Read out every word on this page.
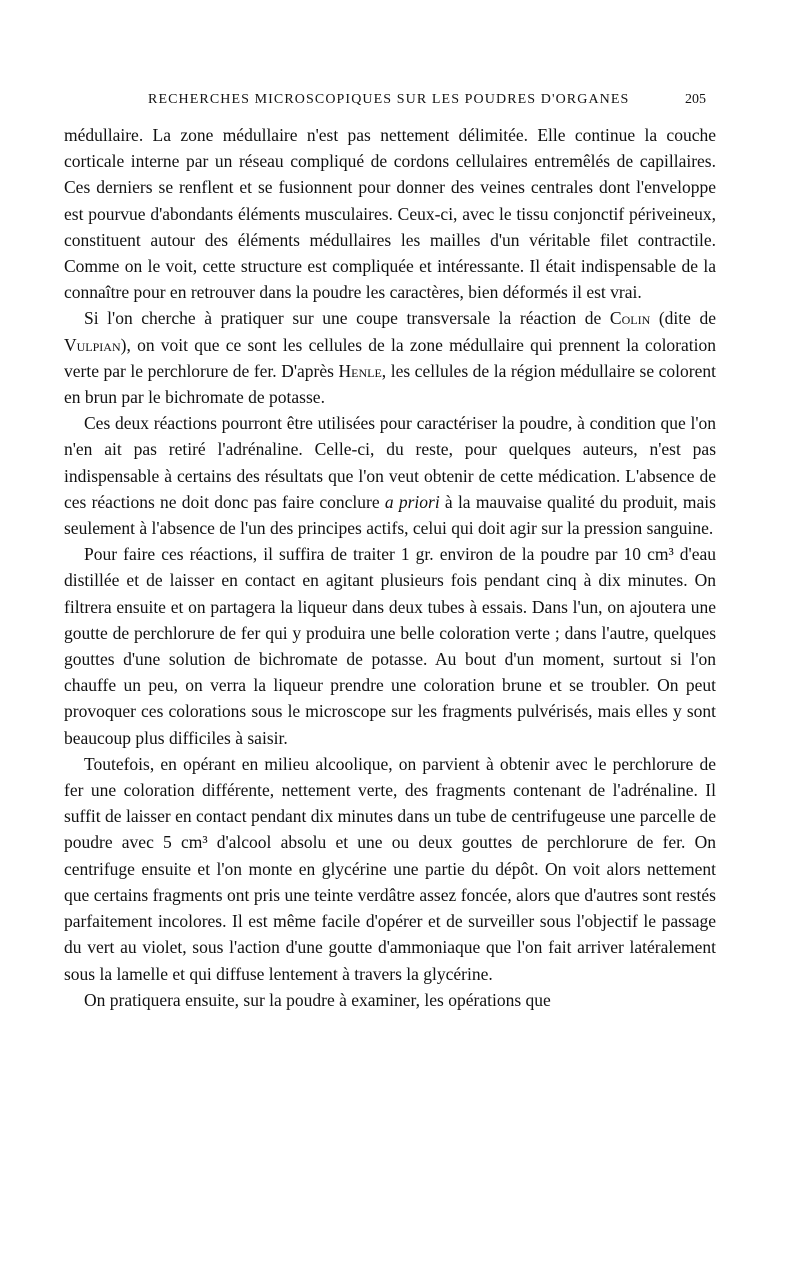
RECHERCHES MICROSCOPIQUES SUR LES POUDRES D'ORGANES	205

médullaire. La zone médullaire n'est pas nettement délimitée. Elle continue la couche corticale interne par un réseau compliqué de cordons cellulaires entremêlés de capillaires. Ces derniers se renflent et se fusionnent pour donner des veines centrales dont l'enveloppe est pourvue d'abondants éléments musculaires. Ceux-ci, avec le tissu conjonctif périveineux, constituent autour des éléments médullaires les mailles d'un véritable filet contractile. Comme on le voit, cette structure est compliquée et intéressante. Il était indispensable de la connaître pour en retrouver dans la poudre les caractères, bien déformés il est vrai.

Si l'on cherche à pratiquer sur une coupe transversale la réaction de Colin (dite de Vulpian), on voit que ce sont les cellules de la zone médullaire qui prennent la coloration verte par le perchlorure de fer. D'après Henle, les cellules de la région médullaire se colorent en brun par le bichromate de potasse.

Ces deux réactions pourront être utilisées pour caractériser la poudre, à condition que l'on n'en ait pas retiré l'adrénaline. Celle-ci, du reste, pour quelques auteurs, n'est pas indispensable à certains des résultats que l'on veut obtenir de cette médication. L'absence de ces réactions ne doit donc pas faire conclure a priori à la mauvaise qualité du produit, mais seulement à l'absence de l'un des principes actifs, celui qui doit agir sur la pression sanguine.

Pour faire ces réactions, il suffira de traiter 1 gr. environ de la poudre par 10 cm³ d'eau distillée et de laisser en contact en agitant plusieurs fois pendant cinq à dix minutes. On filtrera ensuite et on partagera la liqueur dans deux tubes à essais. Dans l'un, on ajoutera une goutte de perchlorure de fer qui y produira une belle coloration verte ; dans l'autre, quelques gouttes d'une solution de bichromate de potasse. Au bout d'un moment, surtout si l'on chauffe un peu, on verra la liqueur prendre une coloration brune et se troubler. On peut provoquer ces colorations sous le microscope sur les fragments pulvérisés, mais elles y sont beaucoup plus difficiles à saisir.

Toutefois, en opérant en milieu alcoolique, on parvient à obtenir avec le perchlorure de fer une coloration différente, nettement verte, des fragments contenant de l'adrénaline. Il suffit de laisser en contact pendant dix minutes dans un tube de centrifugeuse une parcelle de poudre avec 5 cm³ d'alcool absolu et une ou deux gouttes de perchlorure de fer. On centrifuge ensuite et l'on monte en glycérine une partie du dépôt. On voit alors nettement que certains fragments ont pris une teinte verdâtre assez foncée, alors que d'autres sont restés parfaitement incolores. Il est même facile d'opérer et de surveiller sous l'objectif le passage du vert au violet, sous l'action d'une goutte d'ammoniaque que l'on fait arriver latéralement sous la lamelle et qui diffuse lentement à travers la glycérine.

On pratiquera ensuite, sur la poudre à examiner, les opérations que
